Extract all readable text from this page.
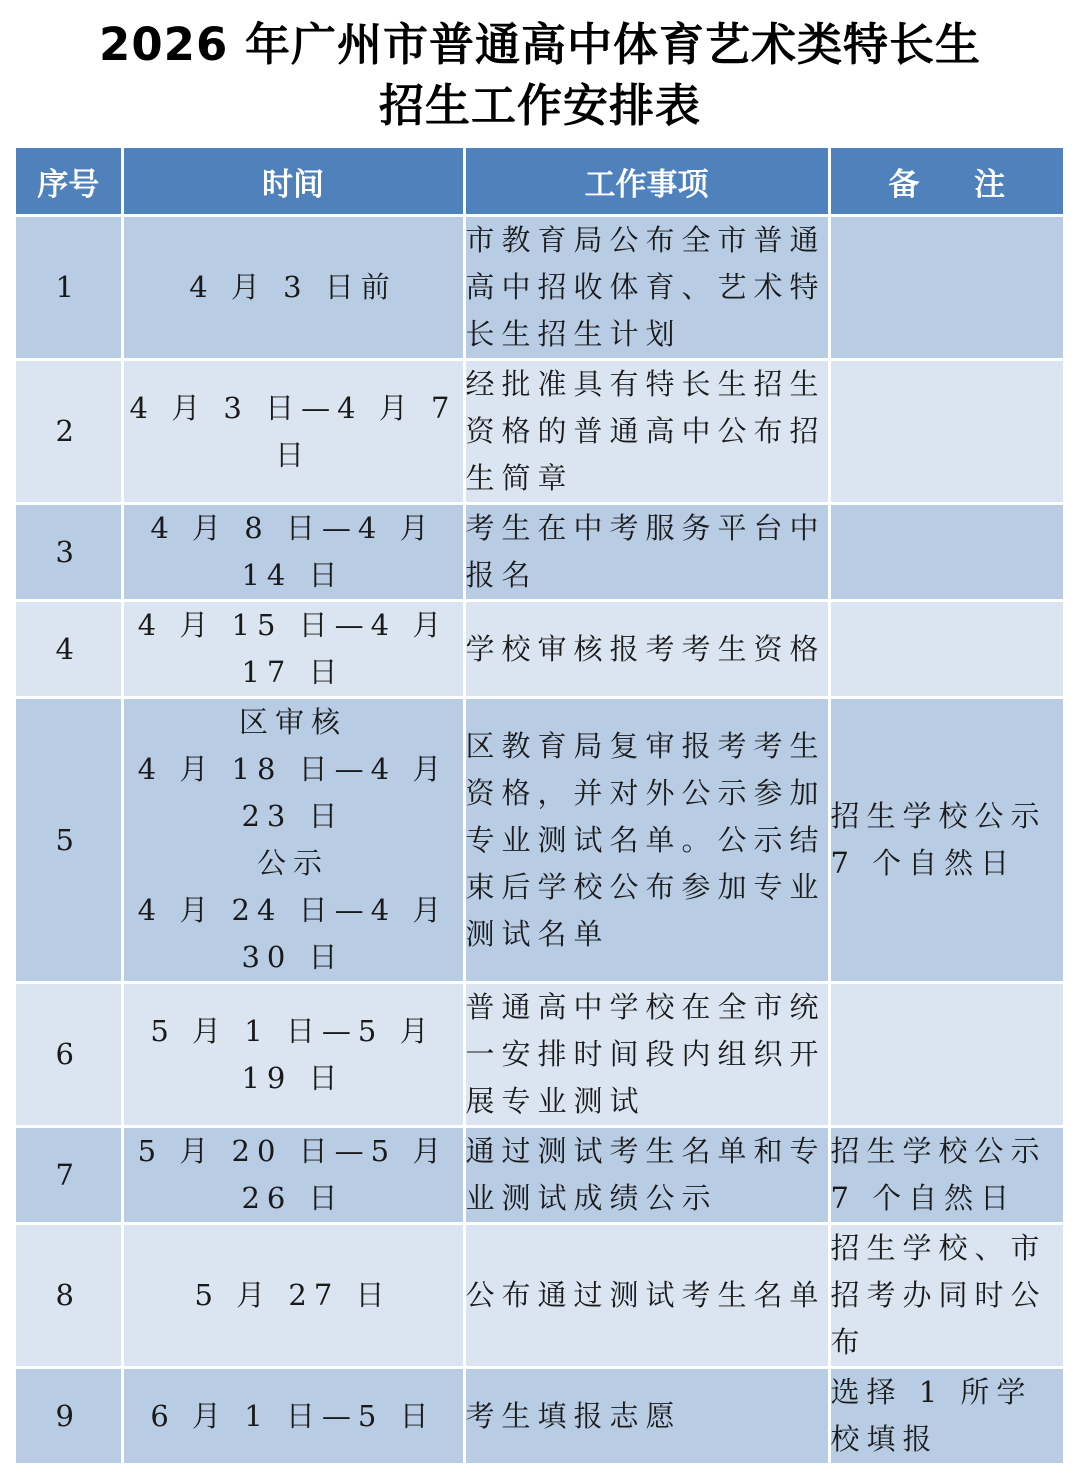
2026 年广州市普通高中体育艺术类特长生
招生工作安排表
序号	时间	工作事项	备 注
1	4 月 3 日前	市教育局公布全市普通高中招收体育、艺术特长生招生计划	
2	4 月 3 日—4 月 7 日	经批准具有特长生招生资格的普通高中公布招生简章	
3	4 月 8 日—4 月 14 日	考生在中考服务平台中报名	
4	4 月 15 日—4 月 17 日	学校审核报考考生资格	
5	区审核
4 月 18 日—4 月 23 日
公示
4 月 24 日—4 月 30 日	区教育局复审报考考生资格，并对外公示参加专业测试名单。公示结束后学校公布参加专业测试名单	招生学校公示 7 个自然日
6	5 月 1 日—5 月 19 日	普通高中学校在全市统一安排时间段内组织开展专业测试	
7	5 月 20 日—5 月 26 日	通过测试考生名单和专业测试成绩公示	招生学校公示 7 个自然日
8	5 月 27 日	公布通过测试考生名单	招生学校、市招考办同时公布
9	6 月 1 日—5 日	考生填报志愿	选择 1 所学校填报
